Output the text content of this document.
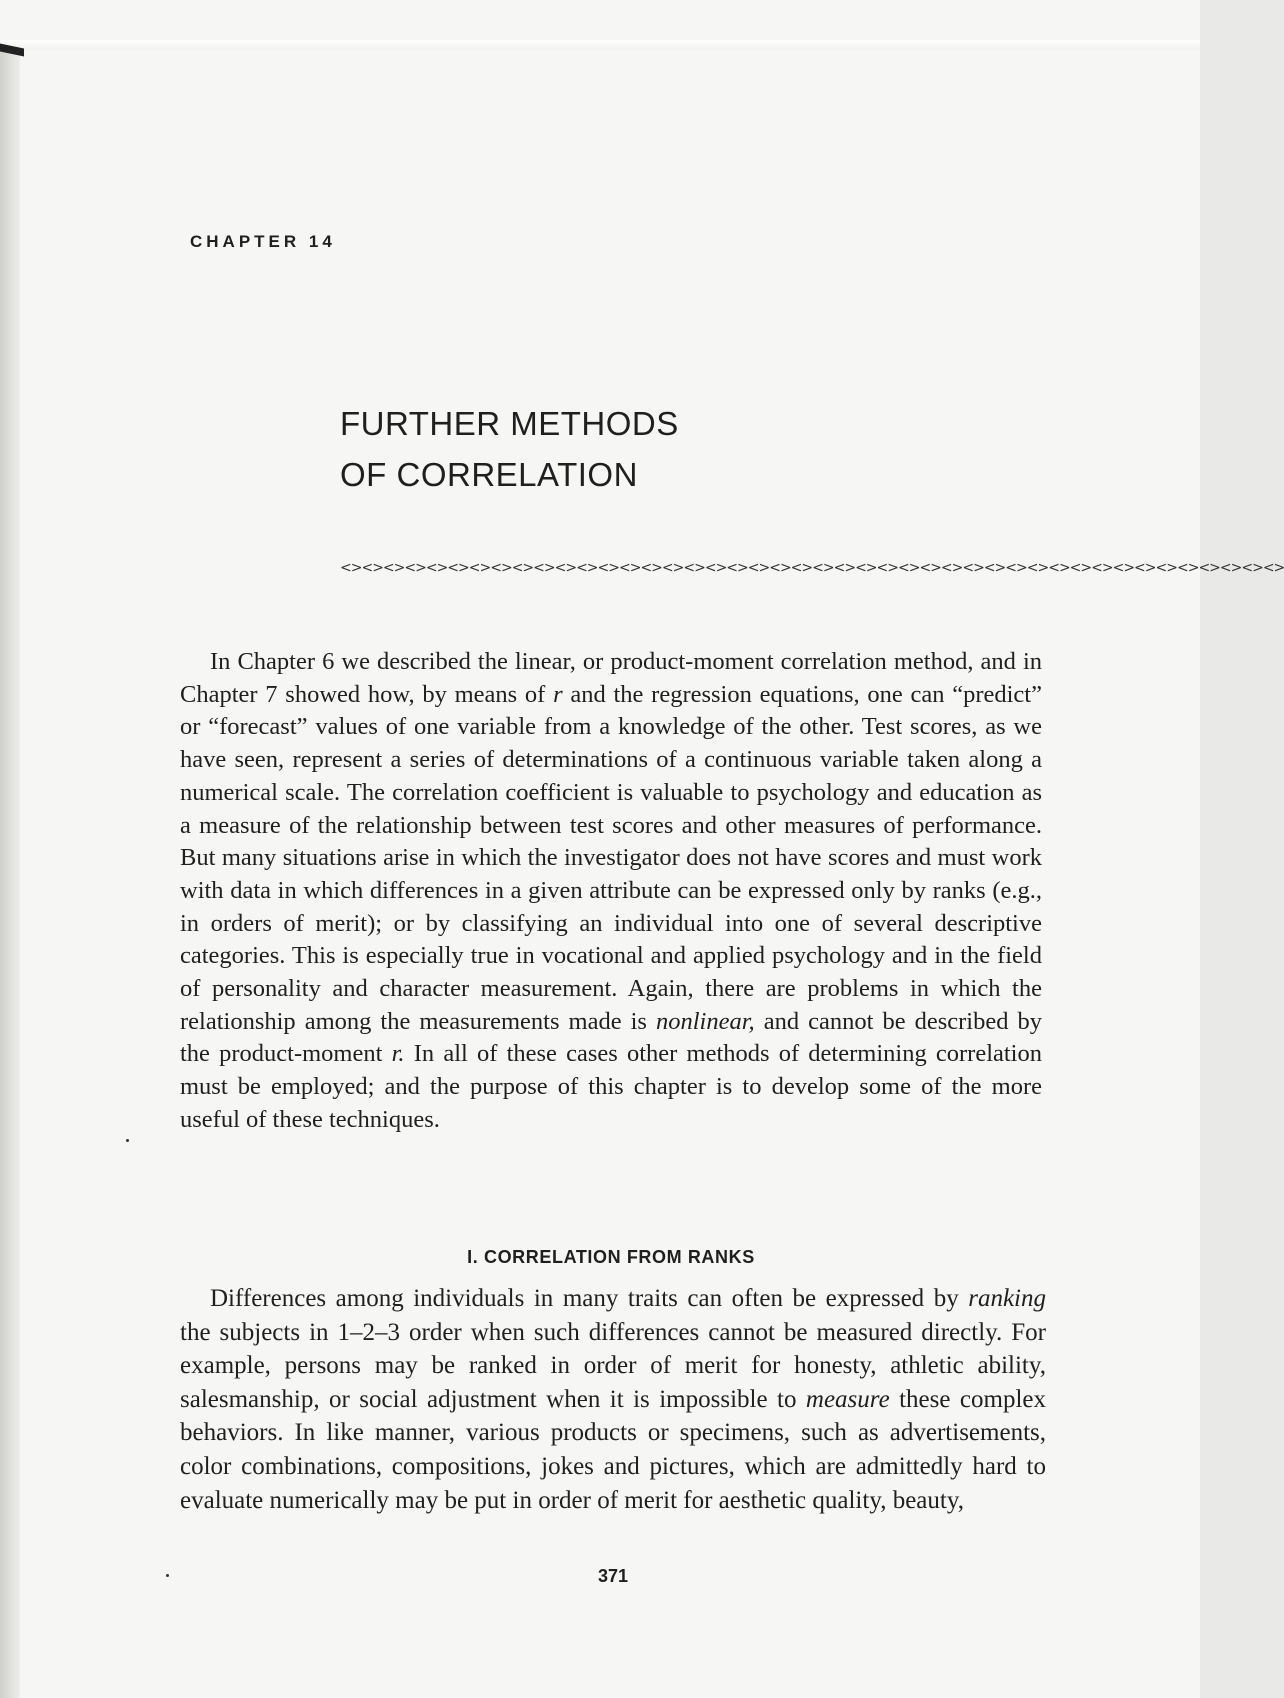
CHAPTER 14
FURTHER METHODS
OF CORRELATION
<><><><><><><><><><><><><><><><><><><><><><><><><><><><><><><><><><><><><><><><><><><><>

In Chapter 6 we described the linear, or product-moment correlation method, and in Chapter 7 showed how, by means of r and the regression equations, one can “predict” or “forecast” values of one variable from a knowledge of the other. Test scores, as we have seen, represent a series of determinations of a continuous variable taken along a numerical scale. The correlation coefficient is valuable to psychology and education as a measure of the relationship between test scores and other measures of performance. But many situations arise in which the investigator does not have scores and must work with data in which differences in a given attribute can be expressed only by ranks (e.g., in orders of merit); or by classifying an individual into one of several descriptive categories. This is especially true in vocational and applied psychology and in the field of personality and character measurement. Again, there are problems in which the relationship among the measurements made is nonlinear, and cannot be described by the product-moment r. In all of these cases other methods of determining correlation must be employed; and the purpose of this chapter is to develop some of the more useful of these techniques.

I. CORRELATION FROM RANKS

Differences among individuals in many traits can often be expressed by ranking the subjects in 1–2–3 order when such differences cannot be measured directly. For example, persons may be ranked in order of merit for honesty, athletic ability, salesmanship, or social adjustment when it is impossible to measure these complex behaviors. In like manner, various products or specimens, such as advertisements, color combinations, compositions, jokes and pictures, which are admittedly hard to evaluate numerically may be put in order of merit for aesthetic quality, beauty,

371
